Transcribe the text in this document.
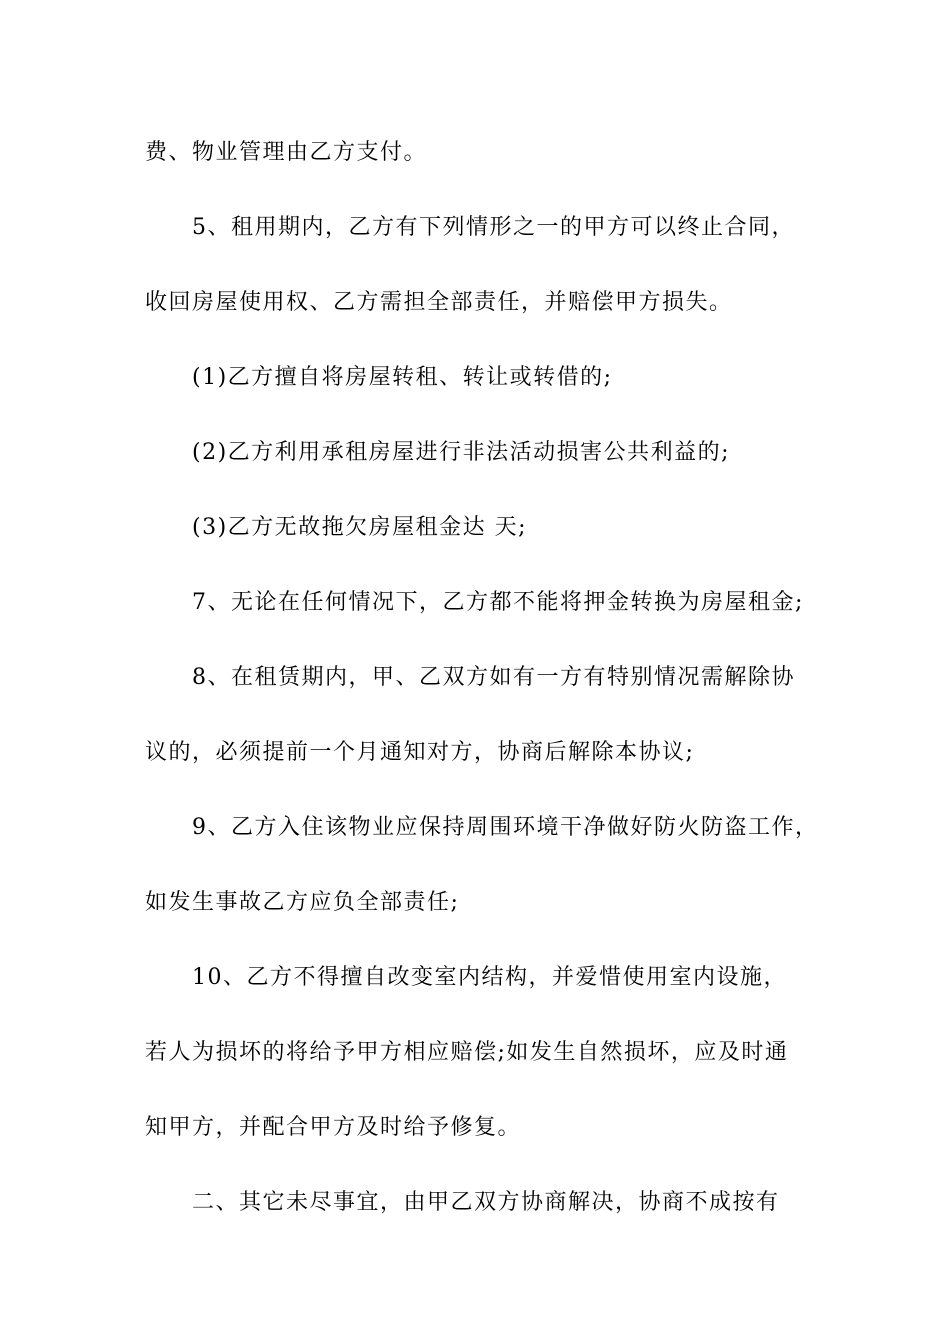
费、物业管理由乙方支付。
5、租用期内，乙方有下列情形之一的甲方可以终止合同，
收回房屋使用权、乙方需担全部责任，并赔偿甲方损失。
(1)乙方擅自将房屋转租、转让或转借的;
(2)乙方利用承租房屋进行非法活动损害公共利益的;
(3)乙方无故拖欠房屋租金达 天;
7、无论在任何情况下，乙方都不能将押金转换为房屋租金;
8、在租赁期内，甲、乙双方如有一方有特别情况需解除协
议的，必须提前一个月通知对方，协商后解除本协议;
9、乙方入住该物业应保持周围环境干净做好防火防盗工作，
如发生事故乙方应负全部责任;
10、乙方不得擅自改变室内结构，并爱惜使用室内设施，
若人为损坏的将给予甲方相应赔偿;如发生自然损坏，应及时通
知甲方，并配合甲方及时给予修复。
二、其它未尽事宜，由甲乙双方协商解决，协商不成按有
